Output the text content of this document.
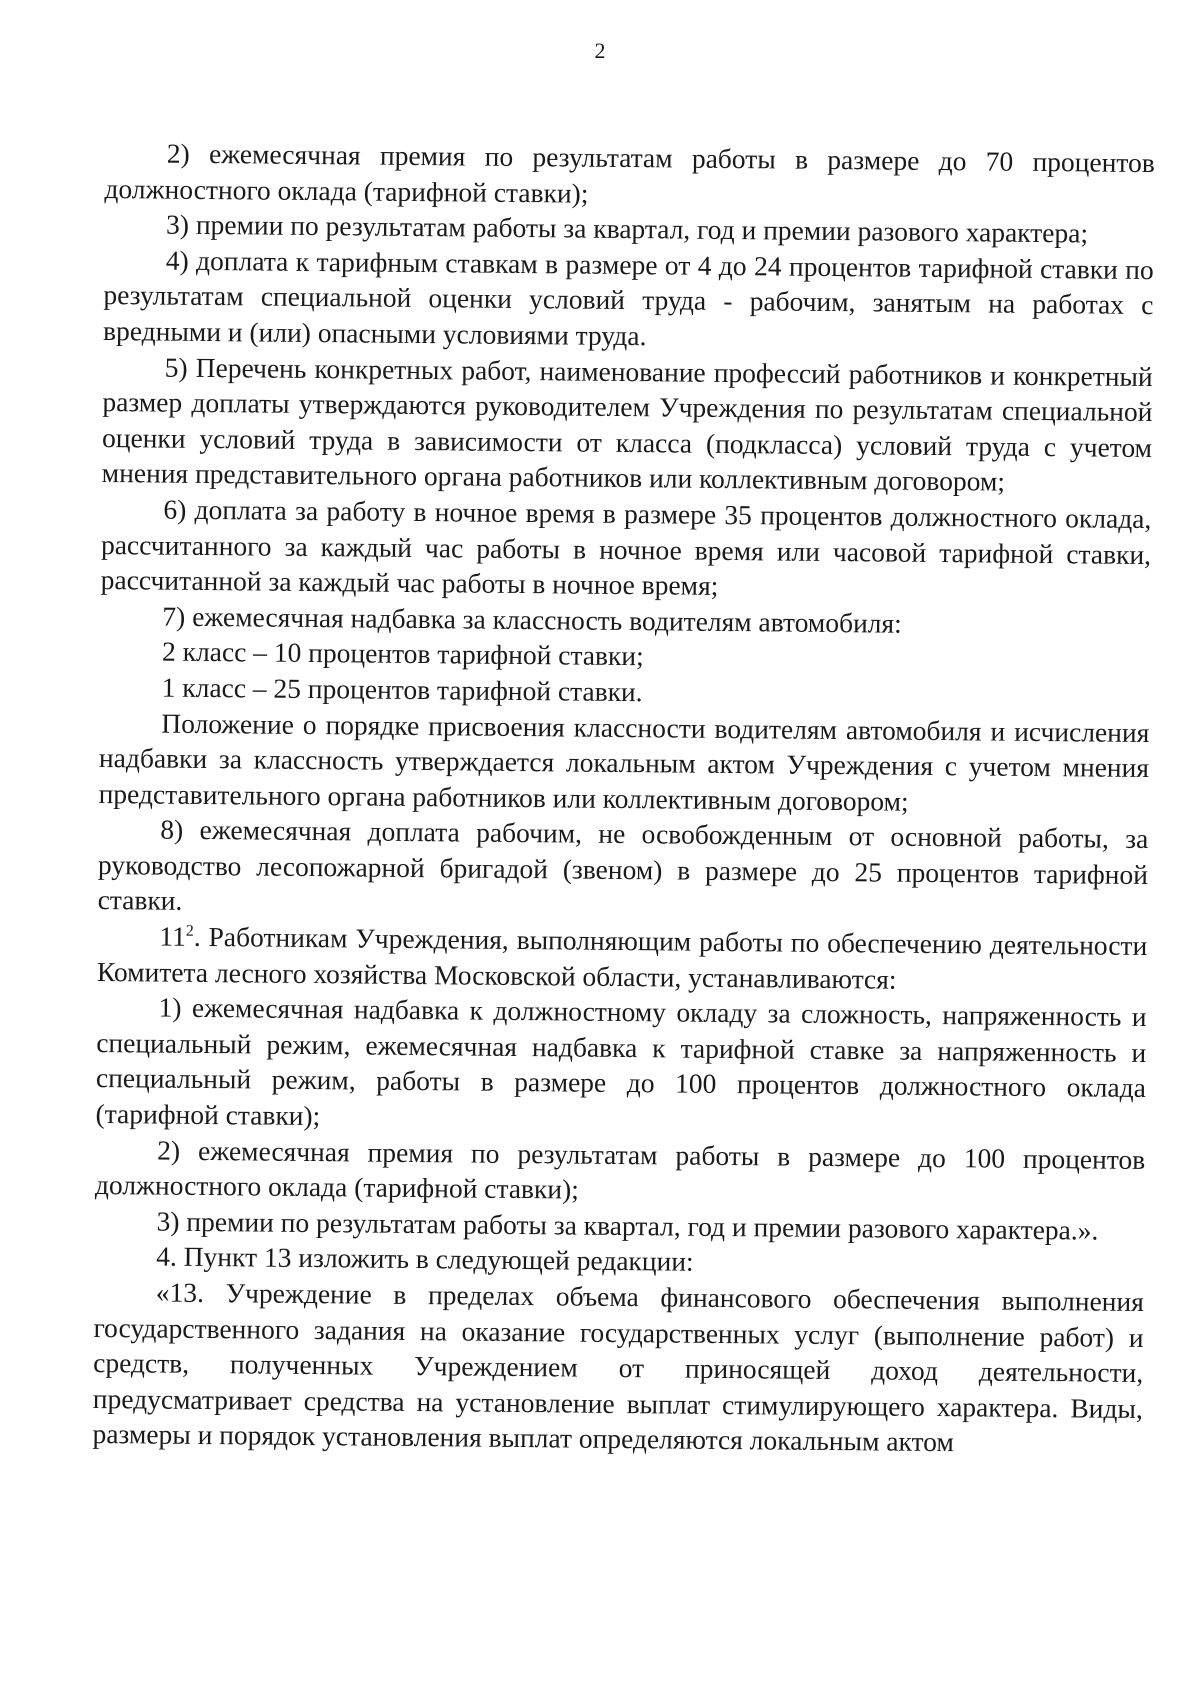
2

2) ежемесячная премия по результатам работы в размере до 70 процентов должностного оклада (тарифной ставки);

3) премии по результатам работы за квартал, год и премии разового характера;

4) доплата к тарифным ставкам в размере от 4 до 24 процентов тарифной ставки по результатам специальной оценки условий труда - рабочим, занятым на работах с вредными и (или) опасными условиями труда.

5) Перечень конкретных работ, наименование профессий работников и конкретный размер доплаты утверждаются руководителем Учреждения по результатам специальной оценки условий труда в зависимости от класса (подкласса) условий труда с учетом мнения представительного органа работников или коллективным договором;

6) доплата за работу в ночное время в размере 35 процентов должностного оклада, рассчитанного за каждый час работы в ночное время или часовой тарифной ставки, рассчитанной за каждый час работы в ночное время;

7) ежемесячная надбавка за классность водителям автомобиля:

2 класс – 10 процентов тарифной ставки;

1 класс – 25 процентов тарифной ставки.

Положение о порядке присвоения классности водителям автомобиля и исчисления надбавки за классность утверждается локальным актом Учреждения с учетом мнения представительного органа работников или коллективным договором;

8) ежемесячная доплата рабочим, не освобожденным от основной работы, за руководство лесопожарной бригадой (звеном) в размере до 25 процентов тарифной ставки.

$11^2$. Работникам Учреждения, выполняющим работы по обеспечению деятельности Комитета лесного хозяйства Московской области, устанавливаются:

1) ежемесячная надбавка к должностному окладу за сложность, напряженность и специальный режим, ежемесячная надбавка к тарифной ставке за напряженность и специальный режим, работы в размере до 100 процентов должностного оклада (тарифной ставки);

2) ежемесячная премия по результатам работы в размере до 100 процентов должностного оклада (тарифной ставки);

3) премии по результатам работы за квартал, год и премии разового характера.».

4. Пункт 13 изложить в следующей редакции:

«13. Учреждение в пределах объема финансового обеспечения выполнения государственного задания на оказание государственных услуг (выполнение работ) и средств, полученных Учреждением от приносящей доход деятельности, предусматривает средства на установление выплат стимулирующего характера. Виды, размеры и порядок установления выплат определяются локальным актом
